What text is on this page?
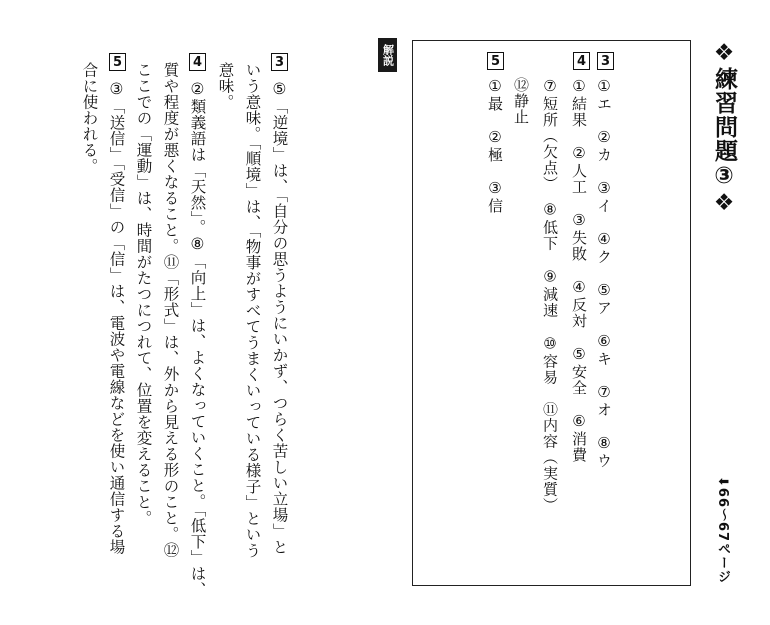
❖練習問題③❖
⬇66〜67ページ
3
①エ　②カ　③イ　④ク　⑤ア　⑥キ　⑦オ　⑧ウ
4
①結果　②人工　③失敗　④反対　⑤安全　⑥消費
⑦短所（欠点）　⑧低下　⑨減速　⑩容易　⑪内容（実質）
⑫静止
5
①最　②極　③信
解説
3
⑤「逆境」は、「自分の思うようにいかず、つらく苦しい立場」と
いう意味。「順境」は、「物事がすべてうまくいっている様子」という
意味。
4
②類義語は「天然」。⑧「向上」は、よくなっていくこと。「低下」は、
質や程度が悪くなること。⑪「形式」は、外から見える形のこと。⑫
ここでの「運動」は、時間がたつにつれて、位置を変えること。
5
③「送信」「受信」の「信」は、電波や電線などを使い通信する場
合に使われる。
